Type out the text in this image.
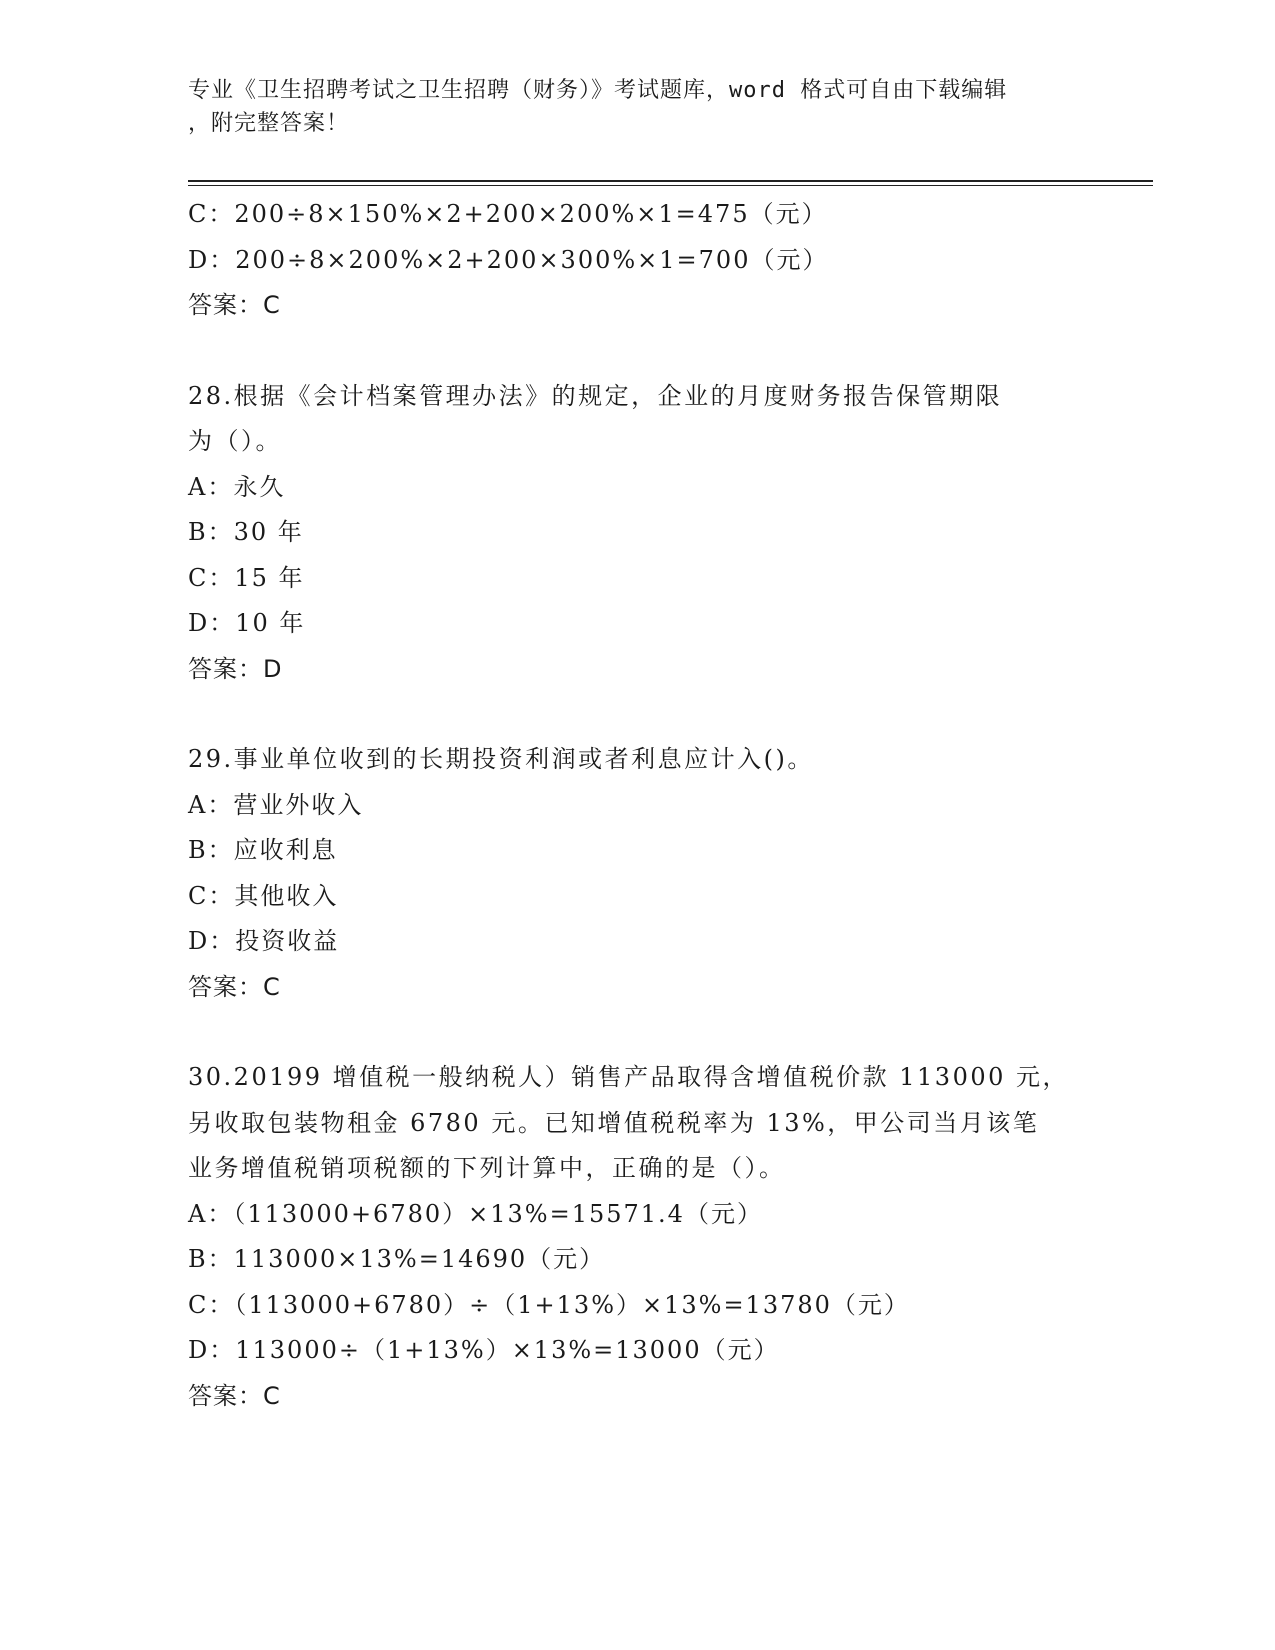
专业《卫生招聘考试之卫生招聘（财务）》考试题库，word 格式可自由下载编辑
，附完整答案！
C：200÷8×150%×2+200×200%×1=475（元）
D：200÷8×200%×2+200×300%×1=700（元）
答案：C
28.根据《会计档案管理办法》的规定，企业的月度财务报告保管期限
为（）。
A：永久
B：30 年
C：15 年
D：10 年
答案：D
29.事业单位收到的长期投资利润或者利息应计入()。
A：营业外收入
B：应收利息
C：其他收入
D：投资收益
答案：C
30.20199 增值税一般纳税人）销售产品取得含增值税价款 113000 元，
另收取包装物租金 6780 元。已知增值税税率为 13%，甲公司当月该笔
业务增值税销项税额的下列计算中，正确的是（）。
A：（113000+6780）×13%=15571.4（元）
B：113000×13%=14690（元）
C：（113000+6780）÷（1+13%）×13%=13780（元）
D：113000÷（1+13%）×13%=13000（元）
答案：C
